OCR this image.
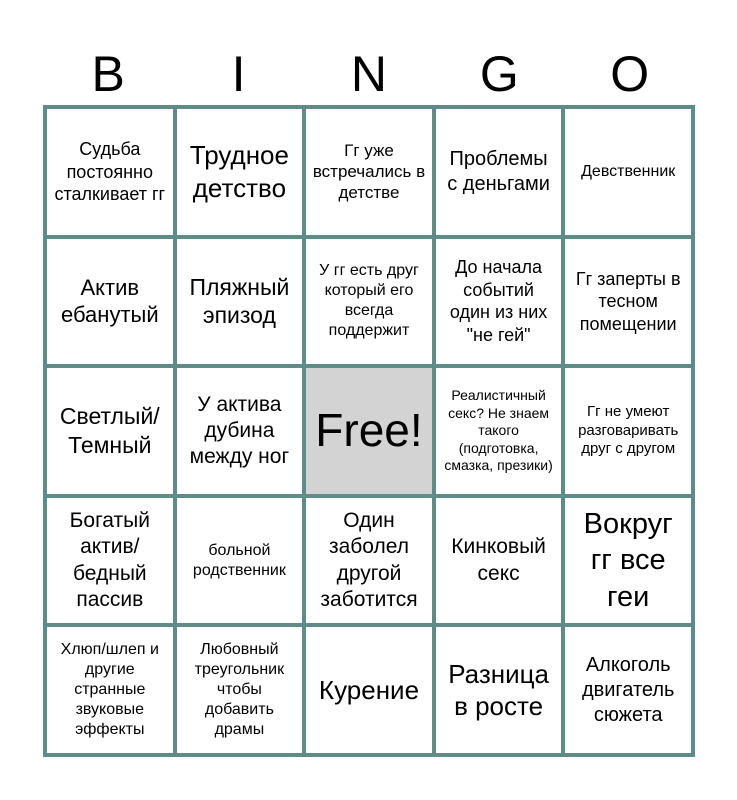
B	I	N	G	O
Судьба постоянно сталкивает гг
Трудное детство
Гг уже встречались в детстве
Проблемы с деньгами
Девственник
Актив ебанутый
Пляжный эпизод
У гг есть друг который его всегда поддержит
До начала событий один из них "не гей"
Гг заперты в тесном помещении
Светлый/ Темный
У актива дубина между ног
Free!
Реалистичный секс? Не знаем такого (подготовка, смазка, презики)
Гг не умеют разговаривать друг с другом
Богатый актив/ бедный пассив
больной родственник
Один заболел другой заботится
Кинковый секс
Вокруг гг все геи
Хлюп/шлеп и другие странные звуковые эффекты
Любовный треугольник чтобы добавить драмы
Курение
Разница в росте
Алкоголь двигатель сюжета
